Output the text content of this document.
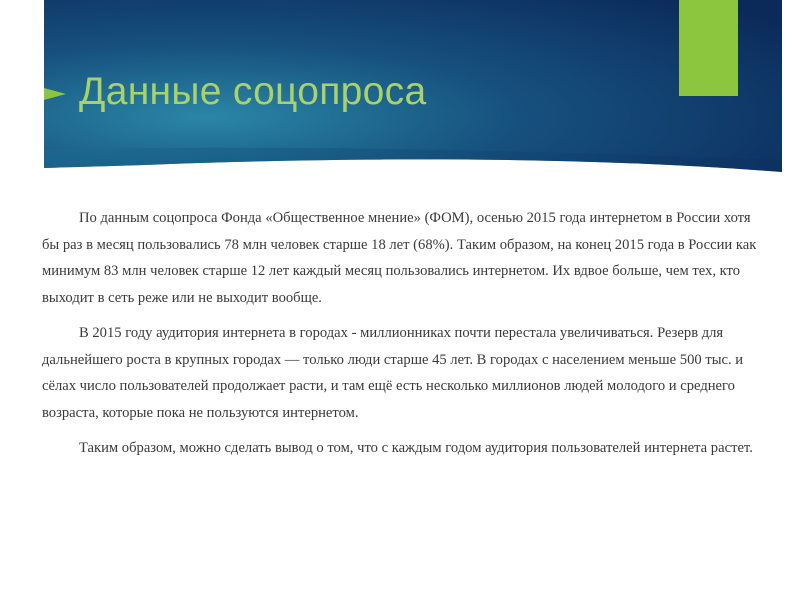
Данные соцопроса

По данным соцопроса Фонда «Общественное мнение» (ФОМ), осенью 2015 года интернетом в России хотя бы раз в месяц пользовались 78 млн человек старше 18 лет (68%). Таким образом, на конец 2015 года в России как минимум 83 млн человек старше 12 лет каждый месяц пользовались интернетом. Их вдвое больше, чем тех, кто выходит в сеть реже или не выходит вообще.

В 2015 году аудитория интернета в городах - миллионниках почти перестала увеличиваться. Резерв для дальнейшего роста в крупных городах — только люди старше 45 лет. В городах с населением меньше 500 тыс. и сёлах число пользователей продолжает расти, и там ещё есть несколько миллионов людей молодого и среднего возраста, которые пока не пользуются интернетом.

Таким образом, можно сделать вывод о том, что с каждым годом аудитория пользователей интернета растет.
